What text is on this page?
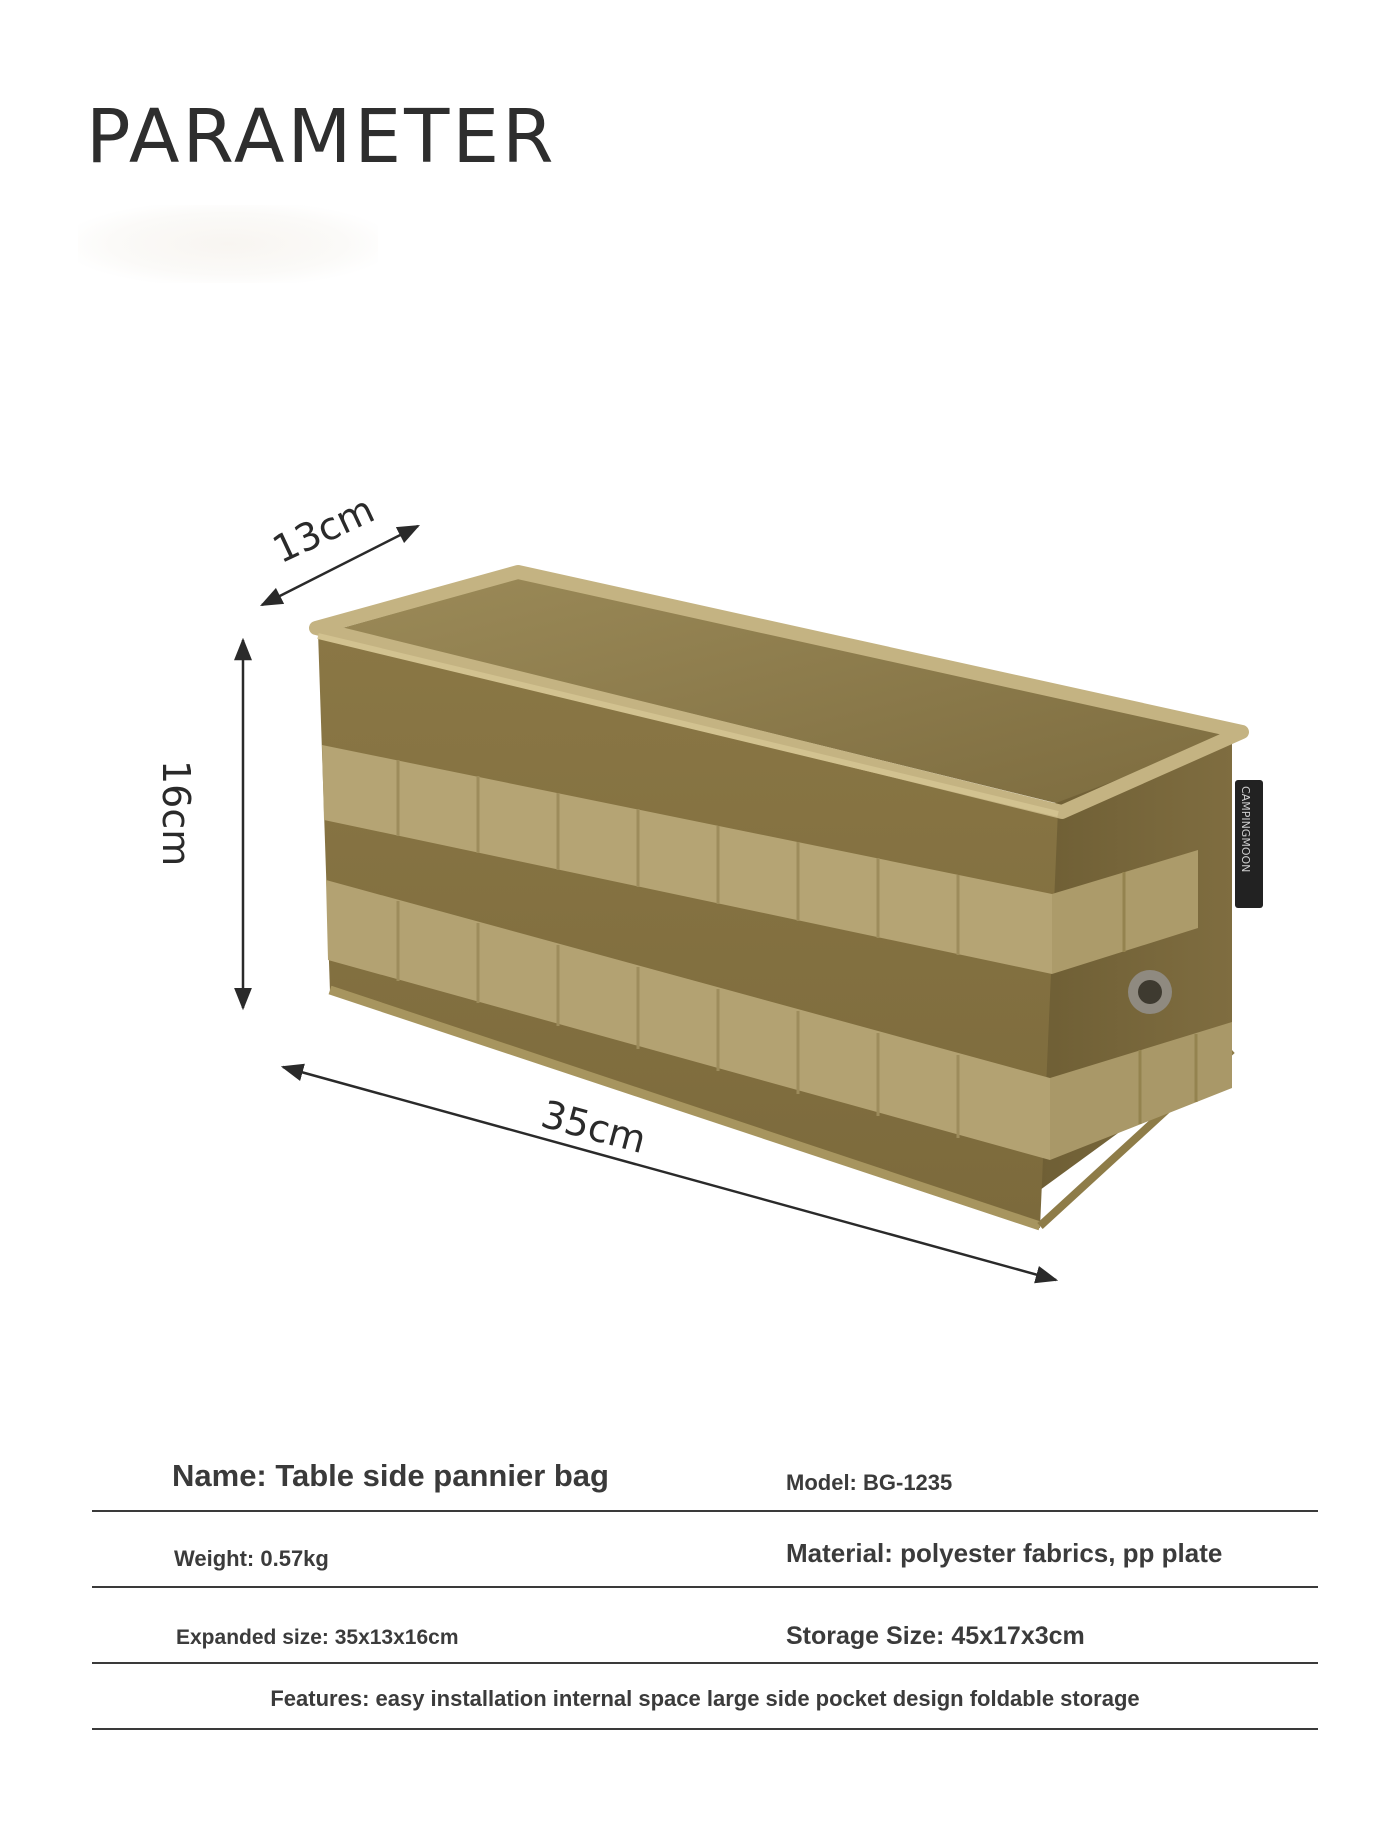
PARAMETER
13cm
16cm
35cm
CAMPINGMOON
Name: Table side pannier bag	Model: BG-1235
Weight: 0.57kg	Material: polyester fabrics, pp plate
Expanded size: 35x13x16cm	Storage Size: 45x17x3cm
Features: easy installation internal space large side pocket design foldable storage
